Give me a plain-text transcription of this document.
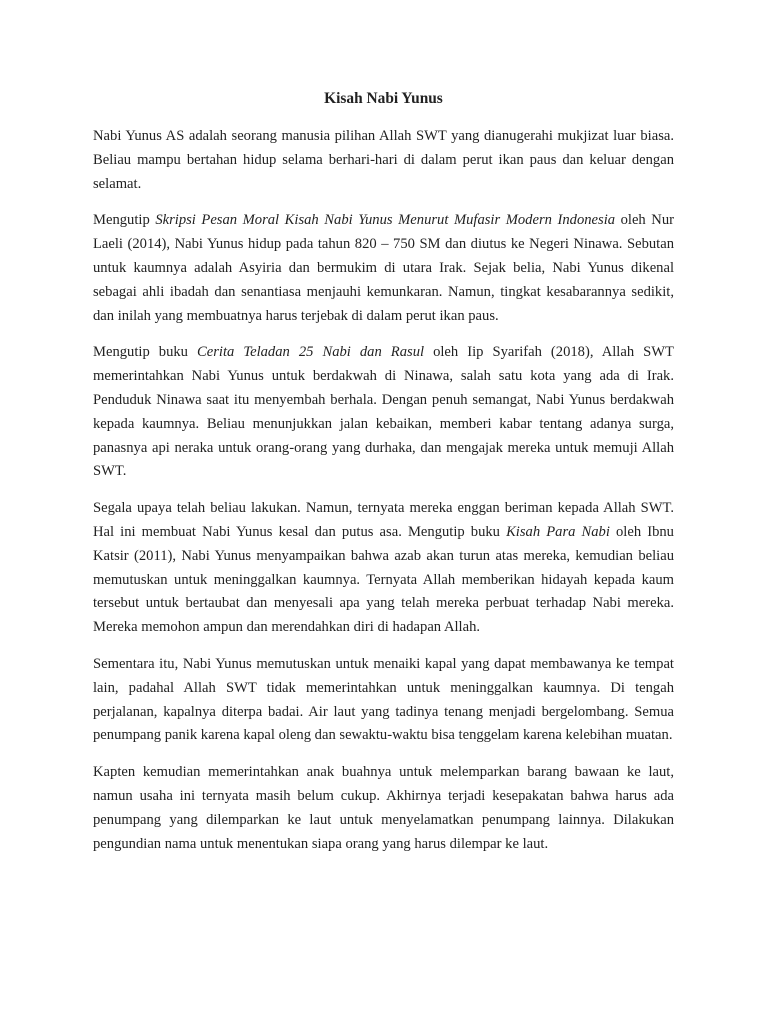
Kisah Nabi Yunus

Nabi Yunus AS adalah seorang manusia pilihan Allah SWT yang dianugerahi mukjizat luar biasa. Beliau mampu bertahan hidup selama berhari-hari di dalam perut ikan paus dan keluar dengan selamat.

Mengutip Skripsi Pesan Moral Kisah Nabi Yunus Menurut Mufasir Modern Indonesia oleh Nur Laeli (2014), Nabi Yunus hidup pada tahun 820 – 750 SM dan diutus ke Negeri Ninawa. Sebutan untuk kaumnya adalah Asyiria dan bermukim di utara Irak. Sejak belia, Nabi Yunus dikenal sebagai ahli ibadah dan senantiasa menjauhi kemunkaran. Namun, tingkat kesabarannya sedikit, dan inilah yang membuatnya harus terjebak di dalam perut ikan paus.

Mengutip buku Cerita Teladan 25 Nabi dan Rasul oleh Iip Syarifah (2018), Allah SWT memerintahkan Nabi Yunus untuk berdakwah di Ninawa, salah satu kota yang ada di Irak. Penduduk Ninawa saat itu menyembah berhala. Dengan penuh semangat, Nabi Yunus berdakwah kepada kaumnya. Beliau menunjukkan jalan kebaikan, memberi kabar tentang adanya surga, panasnya api neraka untuk orang-orang yang durhaka, dan mengajak mereka untuk memuji Allah SWT.

Segala upaya telah beliau lakukan. Namun, ternyata mereka enggan beriman kepada Allah SWT. Hal ini membuat Nabi Yunus kesal dan putus asa. Mengutip buku Kisah Para Nabi oleh Ibnu Katsir (2011), Nabi Yunus menyampaikan bahwa azab akan turun atas mereka, kemudian beliau memutuskan untuk meninggalkan kaumnya. Ternyata Allah memberikan hidayah kepada kaum tersebut untuk bertaubat dan menyesali apa yang telah mereka perbuat terhadap Nabi mereka. Mereka memohon ampun dan merendahkan diri di hadapan Allah.

Sementara itu, Nabi Yunus memutuskan untuk menaiki kapal yang dapat membawanya ke tempat lain, padahal Allah SWT tidak memerintahkan untuk meninggalkan kaumnya. Di tengah perjalanan, kapalnya diterpa badai. Air laut yang tadinya tenang menjadi bergelombang. Semua penumpang panik karena kapal oleng dan sewaktu-waktu bisa tenggelam karena kelebihan muatan.

Kapten kemudian memerintahkan anak buahnya untuk melemparkan barang bawaan ke laut, namun usaha ini ternyata masih belum cukup. Akhirnya terjadi kesepakatan bahwa harus ada penumpang yang dilemparkan ke laut untuk menyelamatkan penumpang lainnya. Dilakukan pengundian nama untuk menentukan siapa orang yang harus dilempar ke laut.
